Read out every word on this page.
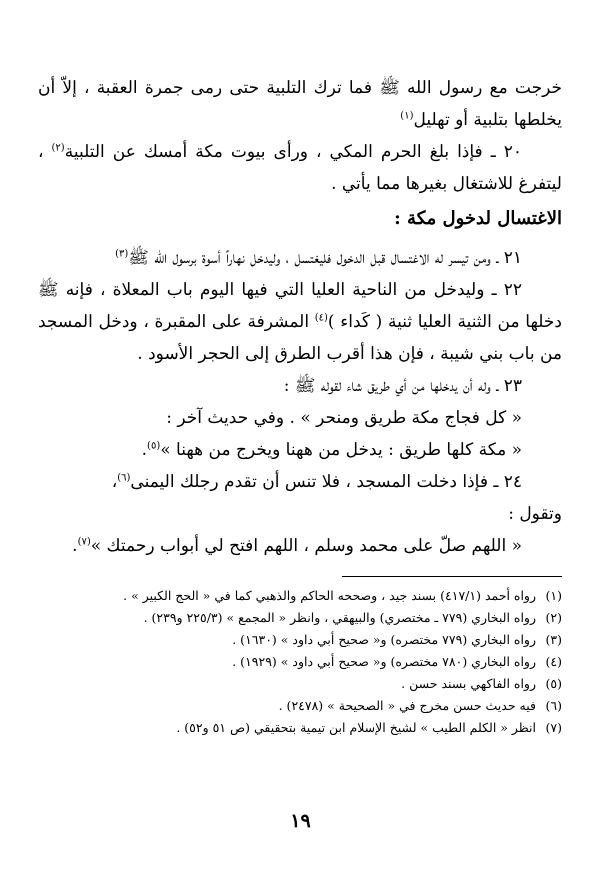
خرجت مع رسول الله ﷺ فما ترك التلبية حتى رمى جمرة العقبة ، إلاّ أن يخلطها بتلبية أو تهليل$^{(١)}$

٢٠ ـ فإذا بلغ الحرم المكي ، ورأى بيوت مكة أمسك عن التلبية$^{(٢)}$ ، ليتفرغ للاشتغال بغيرها مما يأتي .

الاغتسال لدخول مكة :

٢١ ـ ومن تيسر له الاغتسال قبل الدخول فليغتسل ، وليدخل نهاراً أسوة برسول الله ﷺ$^{(٣)}$

٢٢ ـ وليدخل من الناحية العليا التي فيها اليوم باب المعلاة ، فإنه ﷺ دخلها من الثنية العليا ثنية ( كَداء )$^{(٤)}$ المشرفة على المقبرة ، ودخل المسجد من باب بني شيبة ، فإن هذا أقرب الطرق إلى الحجر الأسود .

٢٣ ـ وله أن يدخلها من أي طريق شاء لقوله ﷺ :

« كل فجاج مكة طريق ومنحر » . وفي حديث آخر :

« مكة كلها طريق : يدخل من ههنا ويخرج من ههنا »$^{(٥)}$.

٢٤ ـ فإذا دخلت المسجد ، فلا تنس أن تقدم رجلك اليمنى$^{(٦)}$،

وتقول :

« اللهم صلّ على محمد وسلم ، اللهم افتح لي أبواب رحمتك »$^{(٧)}$.

(١)
رواه أحمد (٤١٧/١) بسند جيد ، وصححه الحاكم والذهبي كما في « الحج الكبير » .
(٢)
رواه البخاري (٧٧٩ ـ مختصري) والبيهقي ، وانظر « المجمع » (٢٢٥/٣ و٢٣٩) .
(٣)
رواه البخاري (٧٧٩ مختصره) و« صحيح أبي داود » (١٦٣٠) .
(٤)
رواه البخاري (٧٨٠ مختصره) و« صحيح أبي داود » (١٩٢٩) .
(٥)
رواه الفاكهي بسند حسن .
(٦)
فيه حديث حسن مخرج في « الصحيحة » (٢٤٧٨) .
(٧)
انظر « الكلم الطيب » لشيخ الإسلام ابن تيمية بتحقيقي (ص ٥١ و٥٢) .
١٩
